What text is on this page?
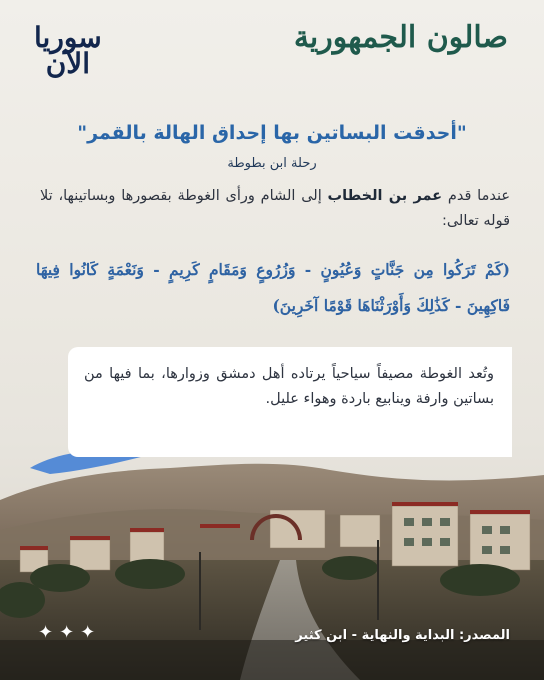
صالون الجمهورية
سوريا
الآن
"أحدقت البساتين بها إحداق الهالة بالقمر"
رحلة ابن بطوطة
عندما قدم عمر بن الخطاب إلى الشام ورأى الغوطة بقصورها وبساتينها، تلا قوله تعالى:
(كَمْ تَرَكُوا مِن جَنَّاتٍ وَعُيُونٍ - وَزُرُوعٍ وَمَقَامٍ كَرِيمٍ - وَنَعْمَةٍ كَانُوا فِيهَا فَاكِهِينَ - كَذَٰلِكَ وَأَوْرَثْنَاهَا قَوْمًا آخَرِينَ)
وتُعد الغوطة مصيفاً سياحياً يرتاده أهل دمشق وزوارها، بما فيها من بساتين وارفة وينابيع باردة وهواء عليل.
✦✦✦	المصدر: البداية والنهاية - ابن كثير
